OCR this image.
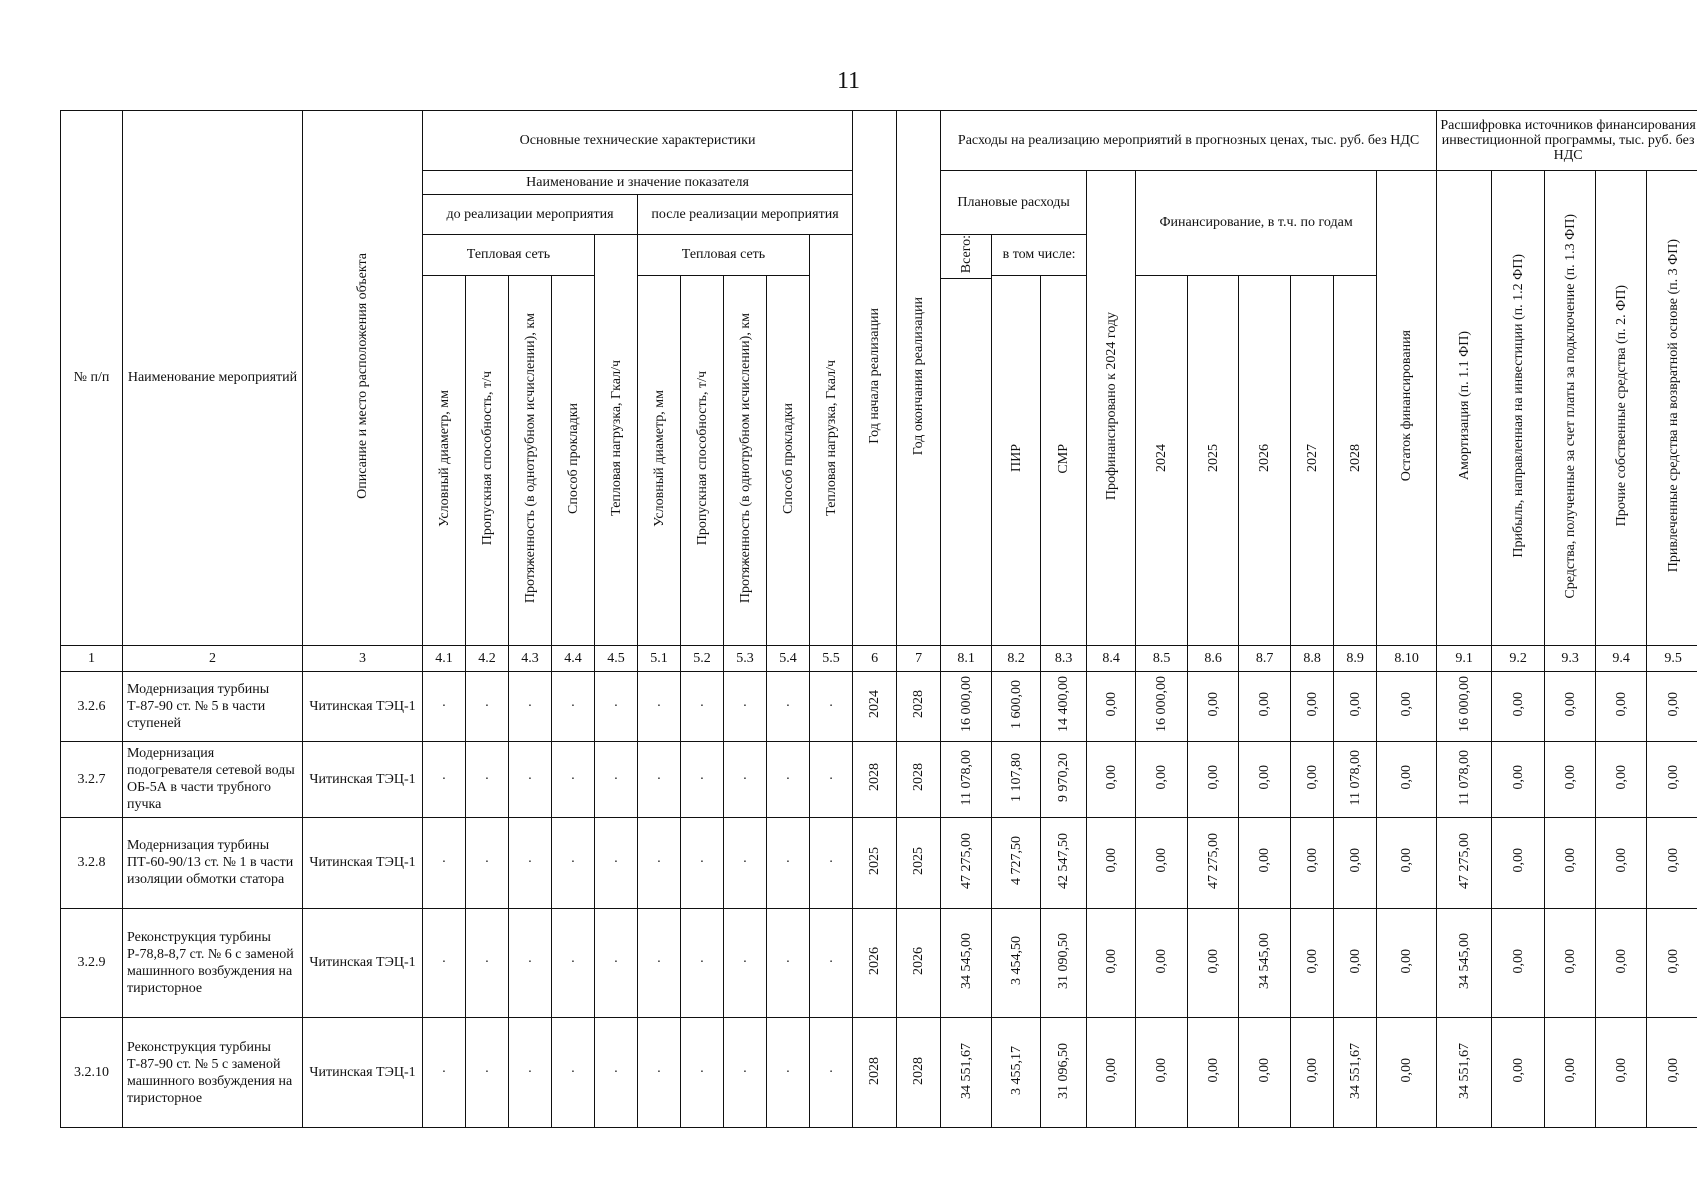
11
№ п/п	Наименование мероприятий	Описание и место расположения объекта	Основные технические характеристики										Год начала реализации	Год окончания реализации	Расходы на реализацию мероприятий в прогнозных ценах, тыс. руб. без НДС										Расшифровка источников финансирования инвестиционной программы, тыс. руб. без НДС				
			Наименование и значение показателя												Плановые расходы			Профинансировано к 2024 году	Финансирование, в т.ч. по годам					Остаток финансирования	Амортизация (п. 1.1 ФП)	Прибыль, направленная на инвестиции (п. 1.2 ФП)	Средства, полученные за счет платы за подключение (п. 1.3 ФП)	Прочие собственные средства (п. 2. ФП)	Привлеченные средства на возвратной основе (п. 3 ФП)
			до реализации мероприятия					после реализации мероприятия																					
			Тепловая сеть				Тепловая нагрузка, Гкал/ч	Тепловая сеть				Тепловая нагрузка, Гкал/ч			Всего:	в том числе:													
			Условный диаметр, мм	Пропускная способность, т/ч	Протяженность (в однотрубном исчислении), км	Способ прокладки		Условный диаметр, мм	Пропускная способность, т/ч	Протяженность (в однотрубном исчислении), км	Способ прокладки					ПИР	СМР		2024	2025	2026	2027	2028						

1	2	3	4.1	4.2	4.3	4.4	4.5	5.1	5.2	5.3	5.4	5.5	6	7	8.1	8.2	8.3	8.4	8.5	8.6	8.7	8.8	8.9	8.10	9.1	9.2	9.3	9.4	9.5
3.2.6	Модернизация турбины Т-87-90 ст. № 5 в части ступеней	Читинская ТЭЦ-1	·	·	·	·	·	·	·	·	·	·	2024	2028	16 000,00	1 600,00	14 400,00	0,00	16 000,00	0,00	0,00	0,00	0,00	0,00	16 000,00	0,00	0,00	0,00	0,00
3.2.7	Модернизация подогревателя сетевой воды ОБ-5А в части трубного пучка	Читинская ТЭЦ-1	·	·	·	·	·	·	·	·	·	·	2028	2028	11 078,00	1 107,80	9 970,20	0,00	0,00	0,00	0,00	0,00	11 078,00	0,00	11 078,00	0,00	0,00	0,00	0,00
3.2.8	Модернизация турбины ПТ-60-90/13 ст. № 1 в части изоляции обмотки статора	Читинская ТЭЦ-1	·	·	·	·	·	·	·	·	·	·	2025	2025	47 275,00	4 727,50	42 547,50	0,00	0,00	47 275,00	0,00	0,00	0,00	0,00	47 275,00	0,00	0,00	0,00	0,00
3.2.9	Реконструкция турбины Р-78,8-8,7 ст. № 6 с заменой машинного возбуждения на тиристорное	Читинская ТЭЦ-1	·	·	·	·	·	·	·	·	·	·	2026	2026	34 545,00	3 454,50	31 090,50	0,00	0,00	0,00	34 545,00	0,00	0,00	0,00	34 545,00	0,00	0,00	0,00	0,00
3.2.10	Реконструкция турбины Т-87-90 ст. № 5 с заменой машинного возбуждения на тиристорное	Читинская ТЭЦ-1	·	·	·	·	·	·	·	·	·	·	2028	2028	34 551,67	3 455,17	31 096,50	0,00	0,00	0,00	0,00	0,00	34 551,67	0,00	34 551,67	0,00	0,00	0,00	0,00
